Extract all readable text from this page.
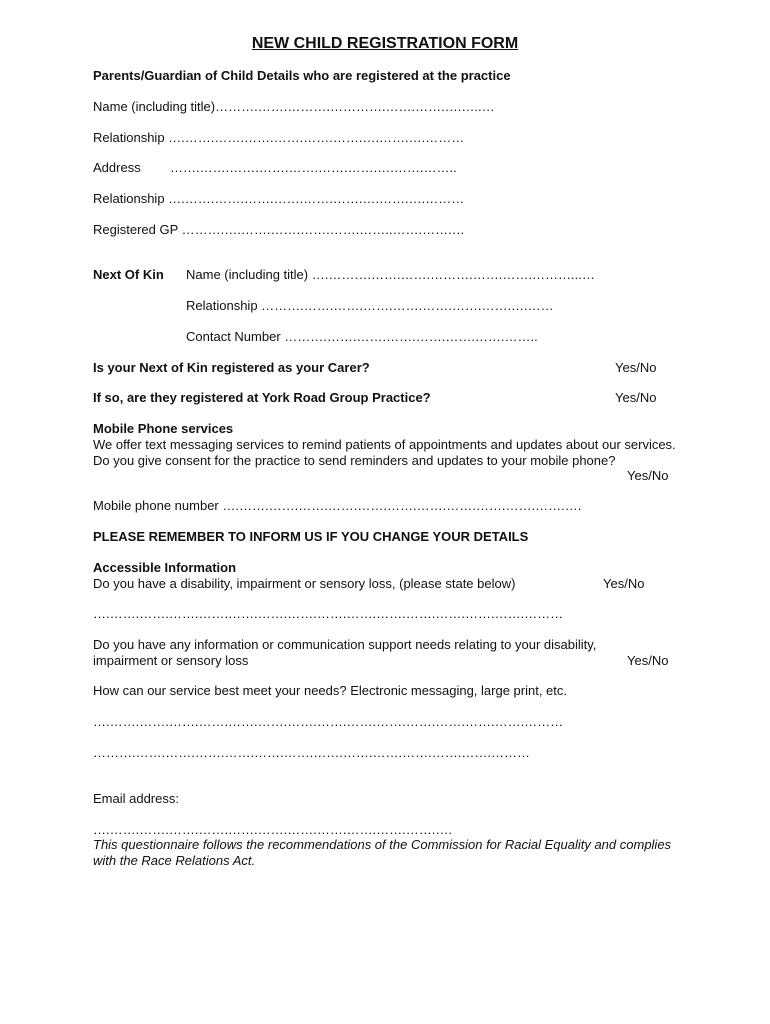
NEW CHILD REGISTRATION FORM
Parents/Guardian of Child Details who are registered at the practice
Name (including title)……….…….……….………….…….…….….…..…
Relationship ….…….…….…….…….…….…….….…….….………
Address …….…….…….…….…….…….…….….…….……..
Relationship ….…….…….…….…….…….…….….…….….………
Registered GP ……….….…….…….…….…….……..…….…….…
Next Of Kin Name (including title) ….……….…….…….……….…….…….………...…
Relationship ……….…….…….…….…….…….…….…….….……
Contact Number ……….…….…….…….…….…….…….……..
Is your Next of Kin registered as your Carer?	Yes/No
If so, are they registered at York Road Group Practice?	Yes/No
Mobile Phone services
We offer text messaging services to remind patients of appointments and updates about our services. Do you give consent for the practice to send reminders and updates to your mobile phone?
Yes/No
Mobile phone number ….…….…….…….…….…….…….…….…….…….…….…….….
PLEASE REMEMBER TO INFORM US IF YOU CHANGE YOUR DETAILS
Accessible Information
Do you have a disability, impairment or sensory loss, (please state below)	Yes/No
….…….…….…….…….…….…….…….…….…….…….…….…….…….…….………
Do you have any information or communication support needs relating to your disability, impairment or sensory loss	Yes/No
How can our service best meet your needs? Electronic messaging, large print, etc.
….…….…….…….…….…….…….…….…….…….…….…….…….…….…….………
……….…….…….…….…….…….…….…….…….…….…….…….…….………
Email address:
….…….…….…….…….…….…….…….…….…….…….…….….
This questionnaire follows the recommendations of the Commission for Racial Equality and complies with the Race Relations Act.
